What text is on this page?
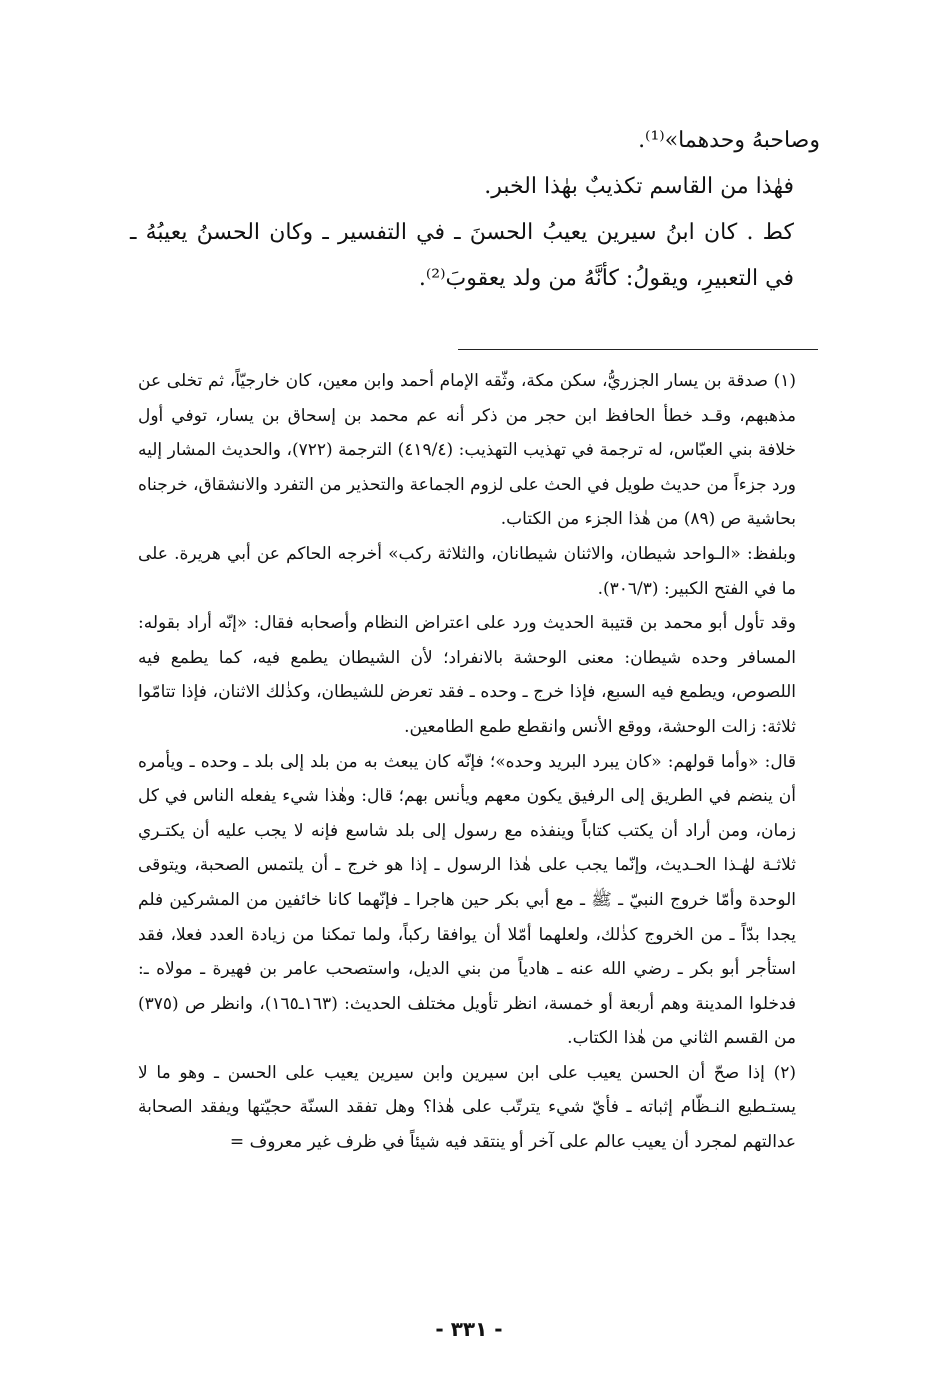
وصاحبهُ وحدهما»⁽¹⁾.

فهٰذا من القاسم تكذيبٌ بهٰذا الخبر.

كط . كان ابنُ سيرين يعيبُ الحسنَ ـ في التفسير ـ وكان الحسنُ يعيبُهُ ـ في التعبيرِ، ويقولُ: كأنَّهُ من ولد يعقوبَ⁽²⁾.

(١) صدقة بن يسار الجزريُّ، سكن مكة، وثّقه الإمام أحمد وابن معين، كان خارجيّاً، ثم تخلى عن مذهبهم، وقـد خطأ الحافظ ابن حجر من ذكر أنه عم محمد بن إسحاق بن يسار، توفي أول خلافة بني العبّاس، له ترجمة في تهذيب التهذيب: (٤١٩/٤) الترجمة (٧٢٢)، والحديث المشار إليه ورد جزءاً من حديث طويل في الحث على لزوم الجماعة والتحذير من التفرد والانشقاق، خرجناه بحاشية ص (٨٩) من هٰذا الجزء من الكتاب.

وبلفظ: «الـواحد شيطان، والاثنان شيطانان، والثلاثة ركب» أخرجه الحاكم عن أبي هريرة. على ما في الفتح الكبير: (٣٠٦/٣).

وقد تأول أبو محمد بن قتيبة الحديث ورد على اعتراض النظام وأصحابه فقال: «إنّه أراد بقوله: المسافر وحده شيطان: معنى الوحشة بالانفراد؛ لأن الشيطان يطمع فيه، كما يطمع فيه اللصوص، ويطمع فيه السبع، فإذا خرج ـ وحده ـ فقد تعرض للشيطان، وكذٰلك الاثنان، فإذا تتامّوا ثلاثة: زالت الوحشة، ووقع الأنس وانقطع طمع الطامعين.

قال: «وأما قولهم: «كان يبرد البريد وحده»؛ فإنّه كان يبعث به من بلد إلى بلد ـ وحده ـ ويأمره أن ينضم في الطريق إلى الرفيق يكون معهم ويأنس بهم؛ قال: وهٰذا شيء يفعله الناس في كل زمان، ومن أراد أن يكتب كتاباً وينفذه مع رسول إلى بلد شاسع فإنه لا يجب عليه أن يكتـري ثلاثـة لهٰـذا الحـديث، وإنّما يجب على هٰذا الرسول ـ إذا هو خرج ـ أن يلتمس الصحبة، ويتوقى الوحدة وأمّا خروج النبيّ ـ ﷺ ـ مع أبي بكر حين هاجرا ـ فإنّهما كانا خائفين من المشركين فلم يجدا بدّاً ـ من الخروج كذٰلك، ولعلهما أمّلا أن يوافقا ركباً، ولما تمكنا من زيادة العدد فعلا، فقد استأجر أبو بكر ـ رضي الله عنه ـ هادياً من بني الديل، واستصحب عامر بن فهيرة ـ مولاه ـ: فدخلوا المدينة وهم أربعة أو خمسة، انظر تأويل مختلف الحديث: (١٦٣ـ١٦٥)، وانظر ص (٣٧٥) من القسم الثاني من هٰذا الكتاب.

(٢) إذا صحّ أن الحسن يعيب على ابن سيرين وابن سيرين يعيب على الحسن ـ وهو ما لا يستـطيع النـظّام إثباته ـ فأيّ شيء يترتّب على هٰذا؟ وهل تفقد السنّة حجيّتها ويفقد الصحابة عدالتهم لمجرد أن يعيب عالم على آخر أو ينتقد فيه شيئاً في ظرف غير معروف =

- ٣٣١ -
